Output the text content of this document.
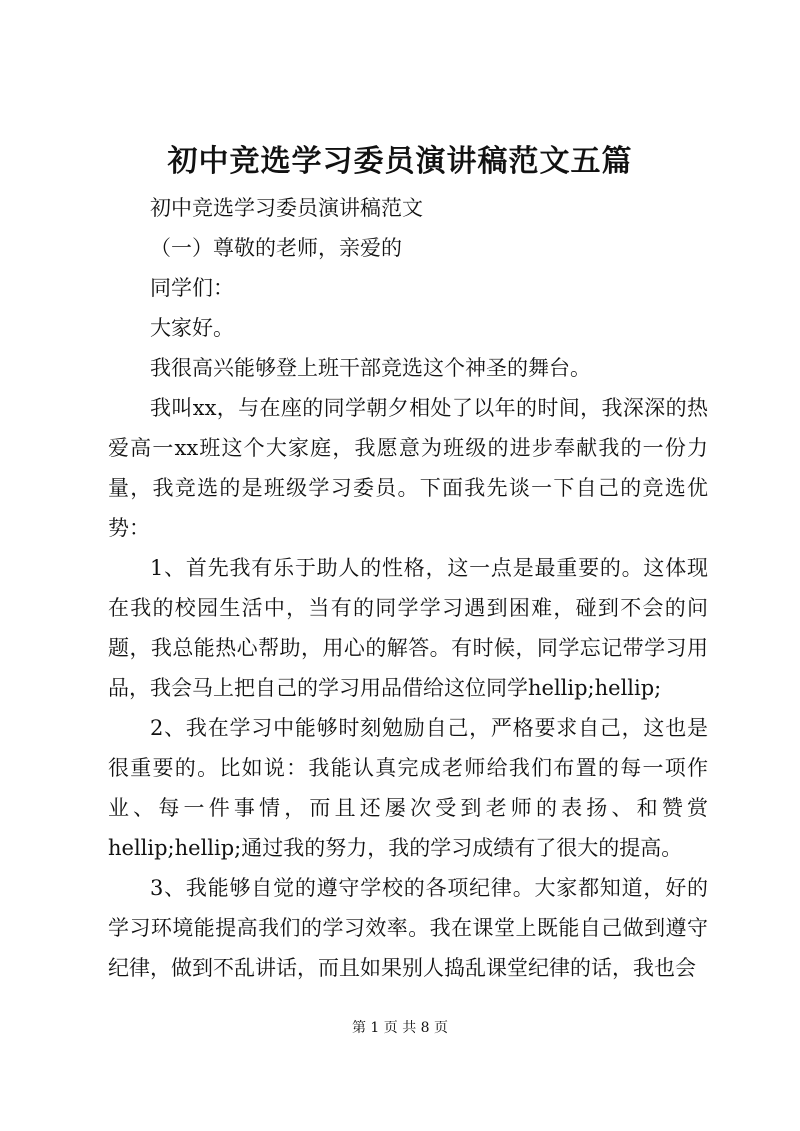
初中竞选学习委员演讲稿范文五篇

初中竞选学习委员演讲稿范文

（一）尊敬的老师，亲爱的

同学们：

大家好。

我很高兴能够登上班干部竞选这个神圣的舞台。

我叫xx，与在座的同学朝夕相处了以年的时间，我深深的热爱高一xx班这个大家庭，我愿意为班级的进步奉献我的一份力量，我竞选的是班级学习委员。下面我先谈一下自己的竞选优势：

1、首先我有乐于助人的性格，这一点是最重要的。这体现在我的校园生活中，当有的同学学习遇到困难，碰到不会的问题，我总能热心帮助，用心的解答。有时候，同学忘记带学习用品，我会马上把自己的学习用品借给这位同学hellip;hellip;

2、我在学习中能够时刻勉励自己，严格要求自己，这也是很重要的。比如说：我能认真完成老师给我们布置的每一项作业、每一件事情，而且还屡次受到老师的表扬、和赞赏hellip;hellip;通过我的努力，我的学习成绩有了很大的提高。

3、我能够自觉的遵守学校的各项纪律。大家都知道，好的学习环境能提高我们的学习效率。我在课堂上既能自己做到遵守纪律，做到不乱讲话，而且如果别人捣乱课堂纪律的话，我也会

第 1 页 共 8 页
